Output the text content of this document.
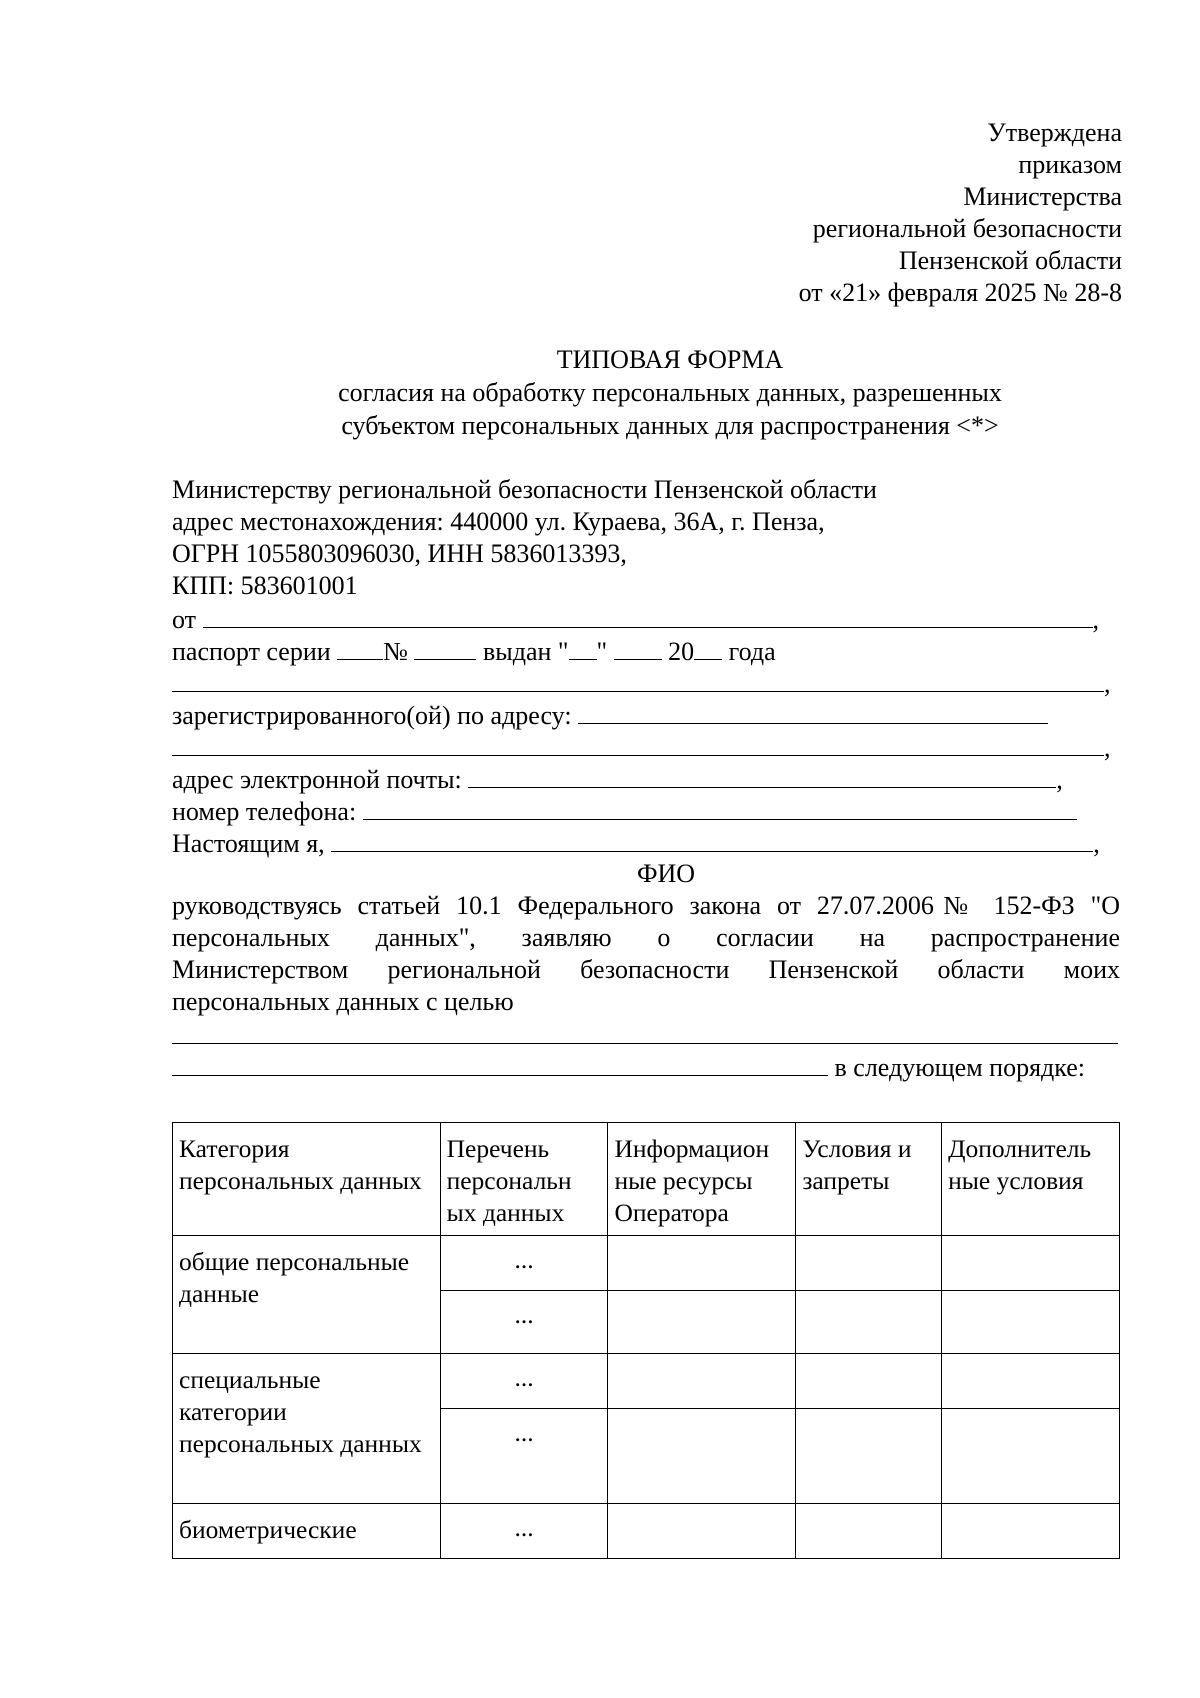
Утверждена
приказом
Министерства
региональной безопасности
Пензенской области
от «21» февраля 2025 № 28-8
ТИПОВАЯ ФОРМА
согласия на обработку персональных данных, разрешенных
субъектом персональных данных для распространения <*>
Министерству региональной безопасности Пензенской области
адрес местонахождения: 440000 ул. Кураева, 36А, г. Пенза,
ОГРН 1055803096030, ИНН 5836013393,
КПП: 583601001
от	,
паспорт серии №	выдан " " 20 года
,
зарегистрированного(ой) по адресу:
,
адрес электронной почты:	,
номер телефона:
Настоящим я,	,
ФИО
руководствуясь статьей 10.1 Федерального закона от 27.07.2006№ 152-ФЗ "О
персональных данных", заявляю о согласии на распространение
Министерством региональной безопасности Пензенской области моих
персональных данных с целью
в следующем порядке:
Категория персональных данных	Перечень персональн ых данных	Информацион ные ресурсы Оператора	Условия и запреты	Дополнитель ные условия
общие персональные данные	...			
	...			
специальные категории персональных данных	...			
	...			
биометрические	...			
